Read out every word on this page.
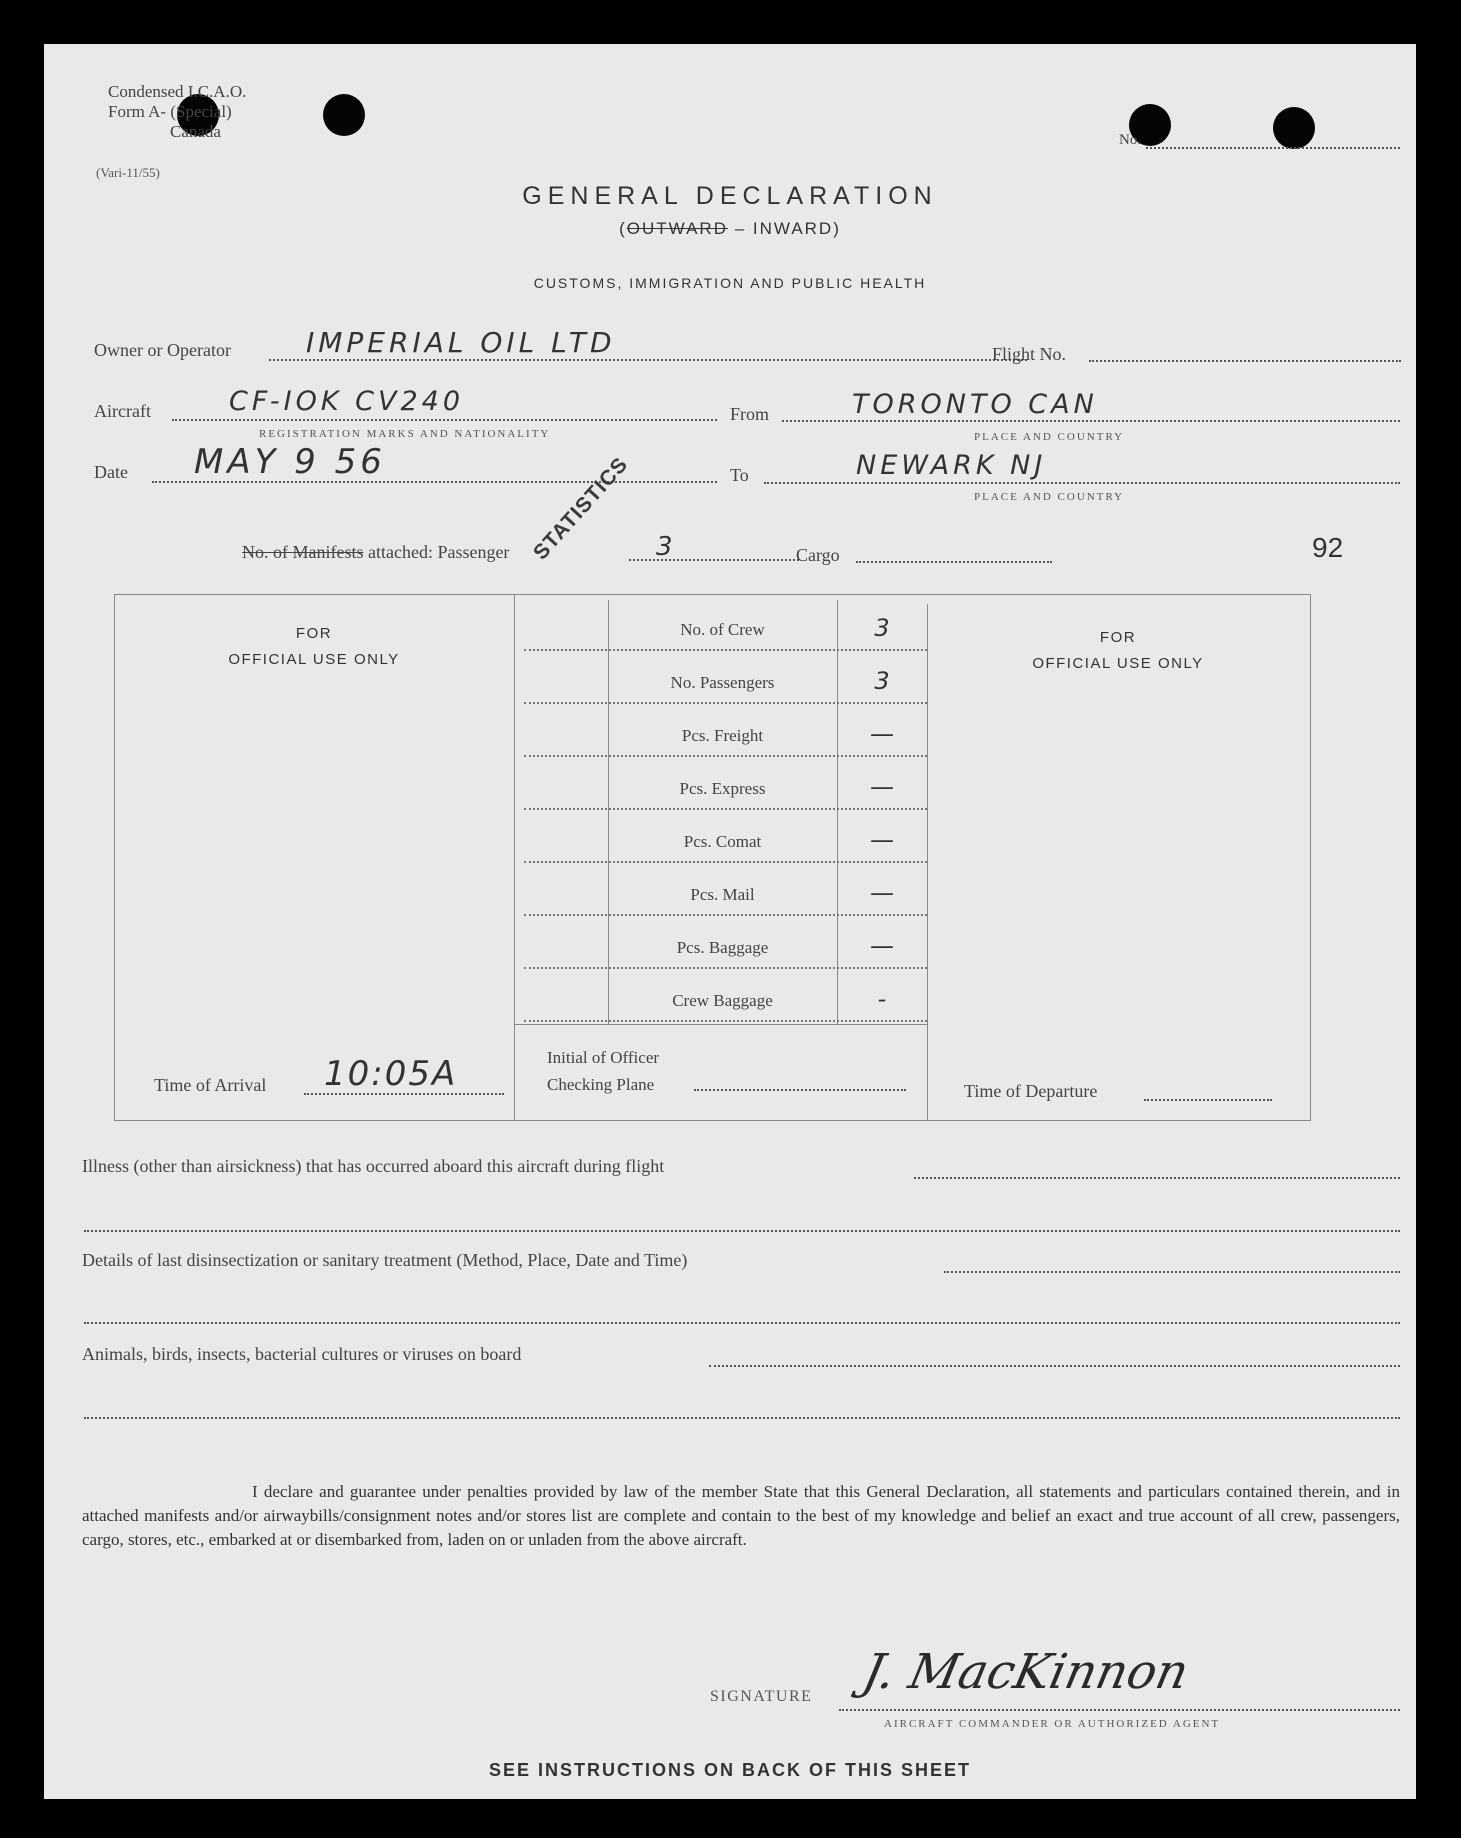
Condensed I.C.A.O.
Form A- (Special)
Canada
(Vari-11/55)
No.
GENERAL DECLARATION
(OUTWARD – INWARD)
CUSTOMS, IMMIGRATION AND PUBLIC HEALTH
Owner or Operator	IMPERIAL OIL LTD	Flight No.
Aircraft	CF-IOK CV240
REGISTRATION MARKS AND NATIONALITY
From	TORONTO CAN
PLACE AND COUNTRY
Date MAY 9 56	To	NEWARK NJ
PLACE AND COUNTRY
No. of Manifests attached: Passenger	3	Cargo	92
STATISTICS
FOR
OFFICIAL USE ONLY
FOR
OFFICIAL USE ONLY
Time of Arrival 10:05A	Initial of Officer
Checking Plane	Time of Departure
Illness (other than airsickness) that has occurred aboard this aircraft during flight
Details of last disinsectization or sanitary treatment (Method, Place, Date and Time)
Animals, birds, insects, bacterial cultures or viruses on board
I declare and guarantee under penalties provided by law of the member State that this General Declaration, all statements and particulars contained therein, and in attached manifests and/or airwaybills/consignment notes and/or stores list are complete and contain to the best of my knowledge and belief an exact and true account of all crew, passengers, cargo, stores, etc., embarked at or disembarked from, laden on or unladen from the above aircraft.
SIGNATURE J. MacKinnon
AIRCRAFT COMMANDER OR AUTHORIZED AGENT
SEE INSTRUCTIONS ON BACK OF THIS SHEET
No. of Crew	3
No. Passengers	3
Pcs. Freight	—
Pcs. Express	—
Pcs. Comat	—
Pcs. Mail	—
Pcs. Baggage	—
Crew Baggage	-
